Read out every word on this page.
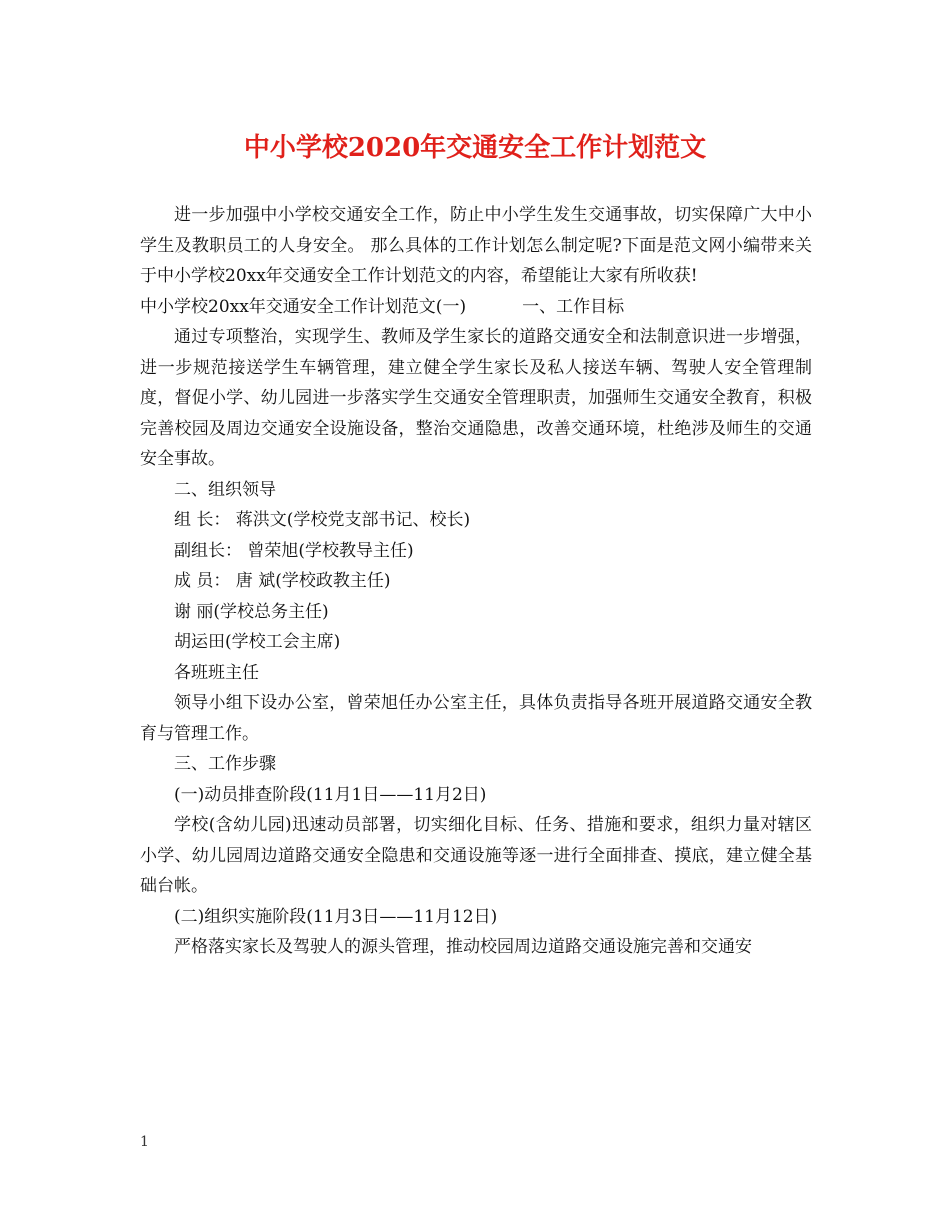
中小学校2020年交通安全工作计划范文

进一步加强中小学校交通安全工作，防止中小学生发生交通事故，切实保障广大中小学生及教职员工的人身安全。 那么具体的工作计划怎么制定呢?下面是范文网小编带来关于中小学校20xx年交通安全工作计划范文的内容，希望能让大家有所收获!

中小学校20xx年交通安全工作计划范文(一)	一、工作目标

通过专项整治，实现学生、教师及学生家长的道路交通安全和法制意识进一步增强，进一步规范接送学生车辆管理，建立健全学生家长及私人接送车辆、驾驶人安全管理制度，督促小学、幼儿园进一步落实学生交通安全管理职责，加强师生交通安全教育，积极完善校园及周边交通安全设施设备，整治交通隐患，改善交通环境，杜绝涉及师生的交通安全事故。

二、组织领导

组 长： 蒋洪文(学校党支部书记、校长)

副组长： 曾荣旭(学校教导主任)

成 员： 唐 斌(学校政教主任)

谢 丽(学校总务主任)

胡运田(学校工会主席)

各班班主任

领导小组下设办公室，曾荣旭任办公室主任，具体负责指导各班开展道路交通安全教育与管理工作。

三、工作步骤

(一)动员排查阶段(11月1日——11月2日)

学校(含幼儿园)迅速动员部署，切实细化目标、任务、措施和要求，组织力量对辖区小学、幼儿园周边道路交通安全隐患和交通设施等逐一进行全面排查、摸底，建立健全基础台帐。

(二)组织实施阶段(11月3日——11月12日)

严格落实家长及驾驶人的源头管理，推动校园周边道路交通设施完善和交通安

1
